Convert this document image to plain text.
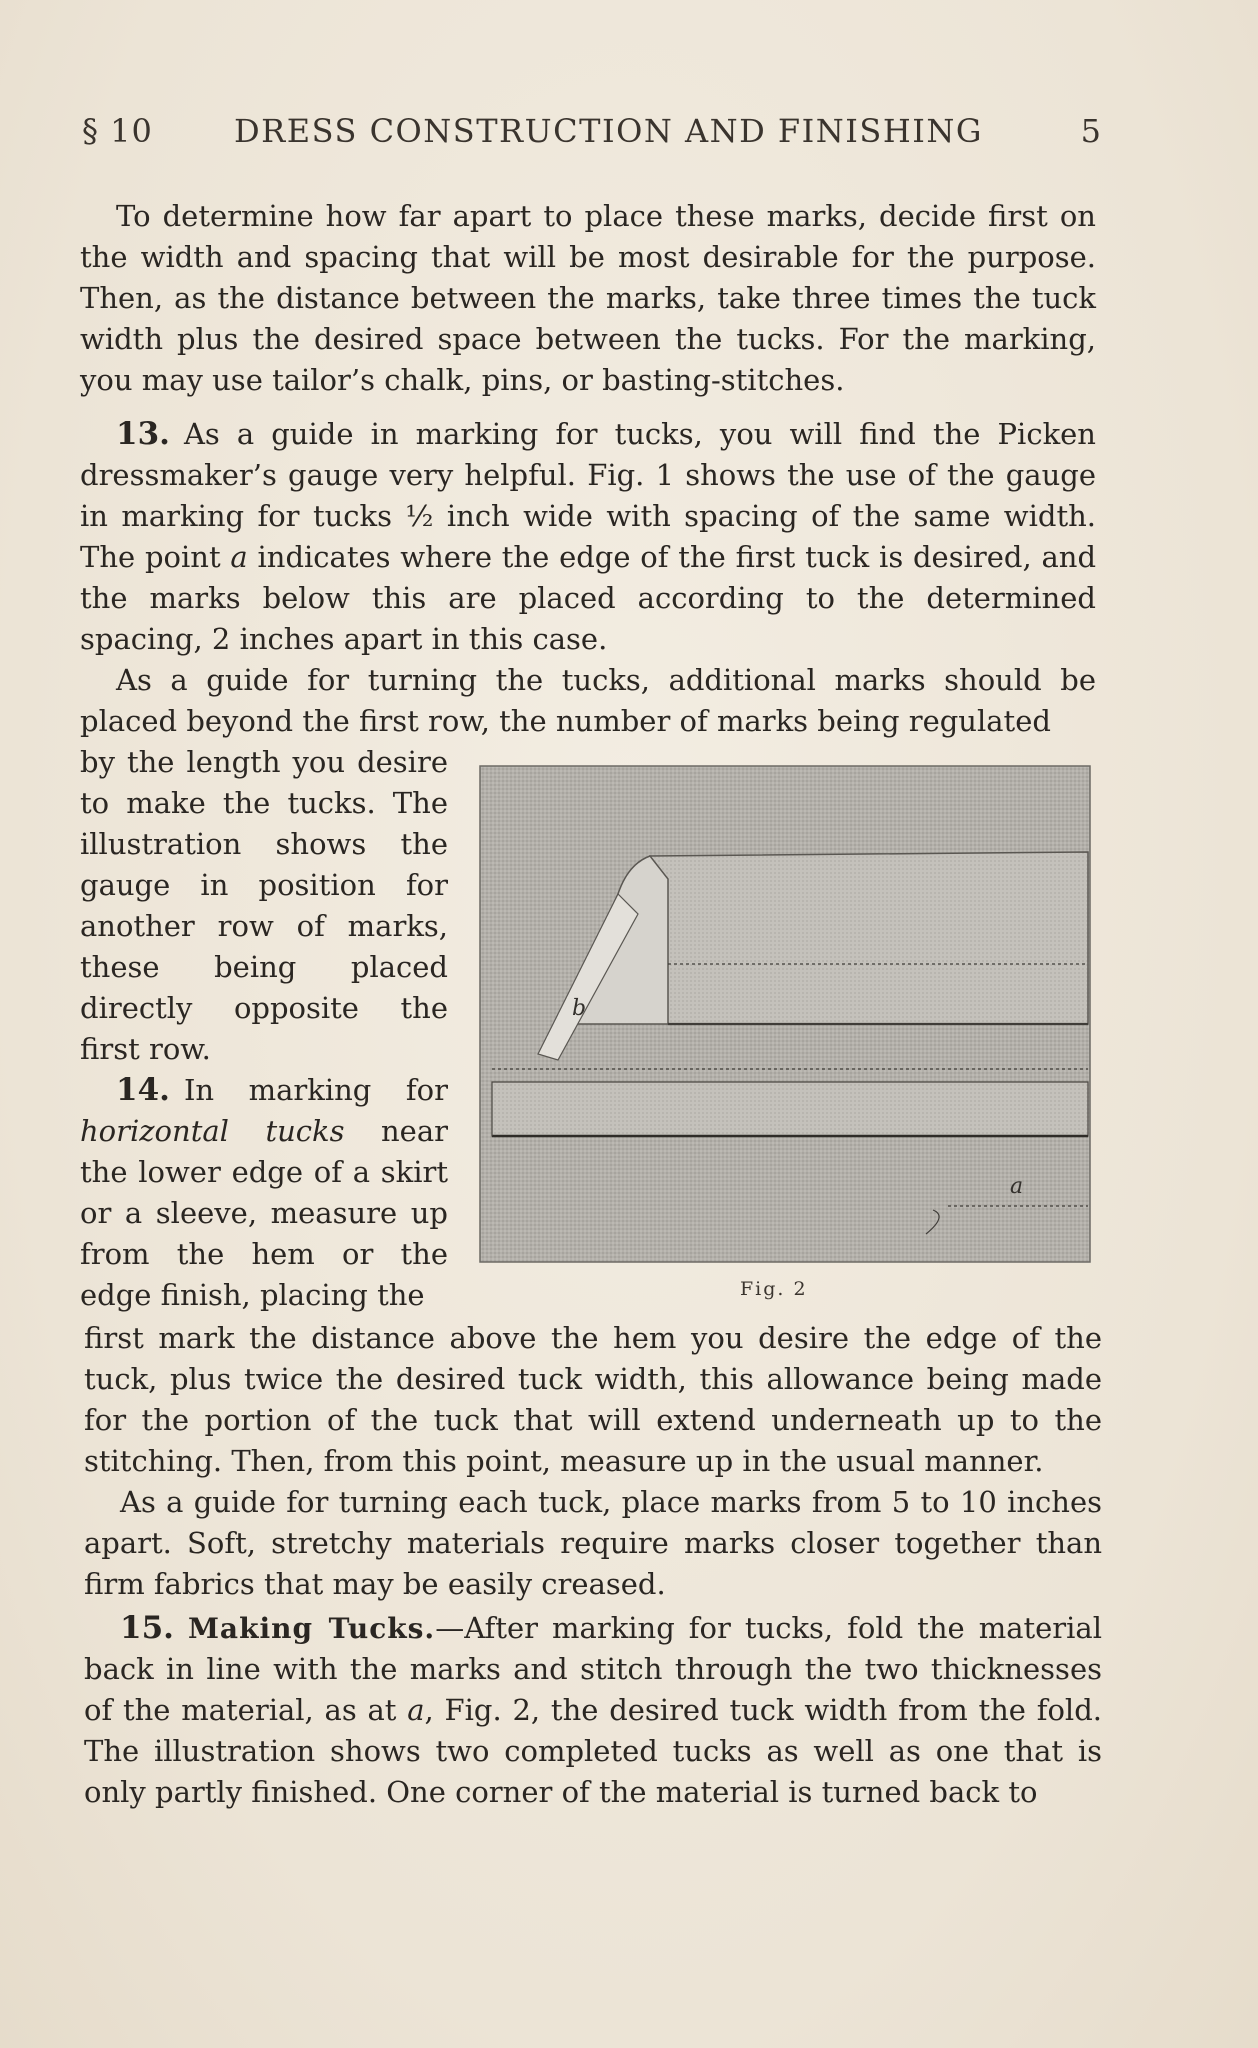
§ 10	DRESS CONSTRUCTION AND FINISHING	5

To determine how far apart to place these marks, decide first on the width and spacing that will be most desirable for the purpose. Then, as the distance between the marks, take three times the tuck width plus the desired space between the tucks. For the marking, you may use tailor’s chalk, pins, or basting-stitches.

13. As a guide in marking for tucks, you will find the Picken dressmaker’s gauge very helpful. Fig. 1 shows the use of the gauge in marking for tucks ½ inch wide with spacing of the same width. The point a indicates where the edge of the first tuck is desired, and the marks below this are placed according to the determined spacing, 2 inches apart in this case.

As a guide for turning the tucks, additional marks should be placed beyond the first row, the number of marks being regulated

by the length you desire to make the tucks. The illustration shows the gauge in position for another row of marks, these being placed directly opposite the first row.

14. In marking for horizontal tucks near the lower edge of a skirt or a sleeve, measure up from the hem or the edge finish, placing the

first mark the distance above the hem you desire the edge of the tuck, plus twice the desired tuck width, this allowance being made for the portion of the tuck that will extend underneath up to the stitching. Then, from this point, measure up in the usual manner.

As a guide for turning each tuck, place marks from 5 to 10 inches apart. Soft, stretchy materials require marks closer together than firm fabrics that may be easily creased.

15. Making Tucks.—After marking for tucks, fold the material back in line with the marks and stitch through the two thicknesses of the material, as at a, Fig. 2, the desired tuck width from the fold. The illustration shows two completed tucks as well as one that is only partly finished. One corner of the material is turned back to

b
a
Fig. 2
